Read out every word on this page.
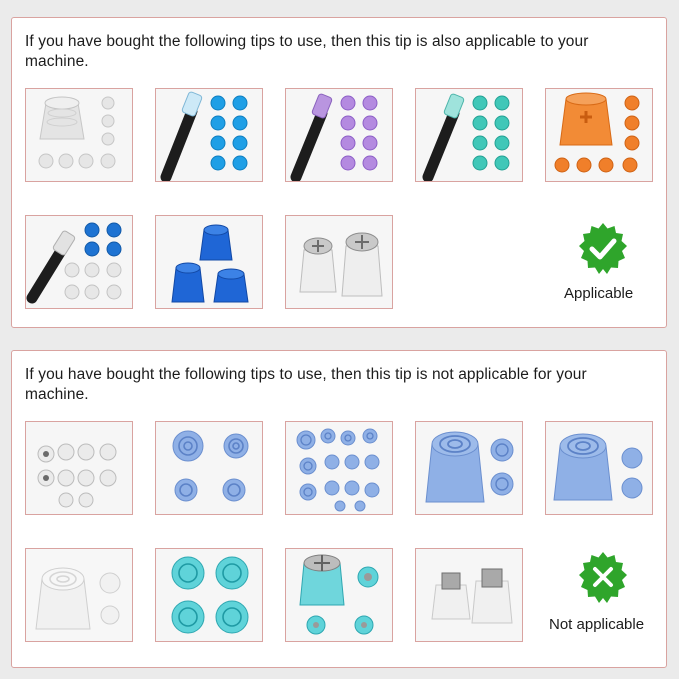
If you have bought the following tips to use, then this tip is also applicable to your machine.
Applicable
If you have bought the following tips to use, then this tip is not applicable for your machine.
Not applicable
